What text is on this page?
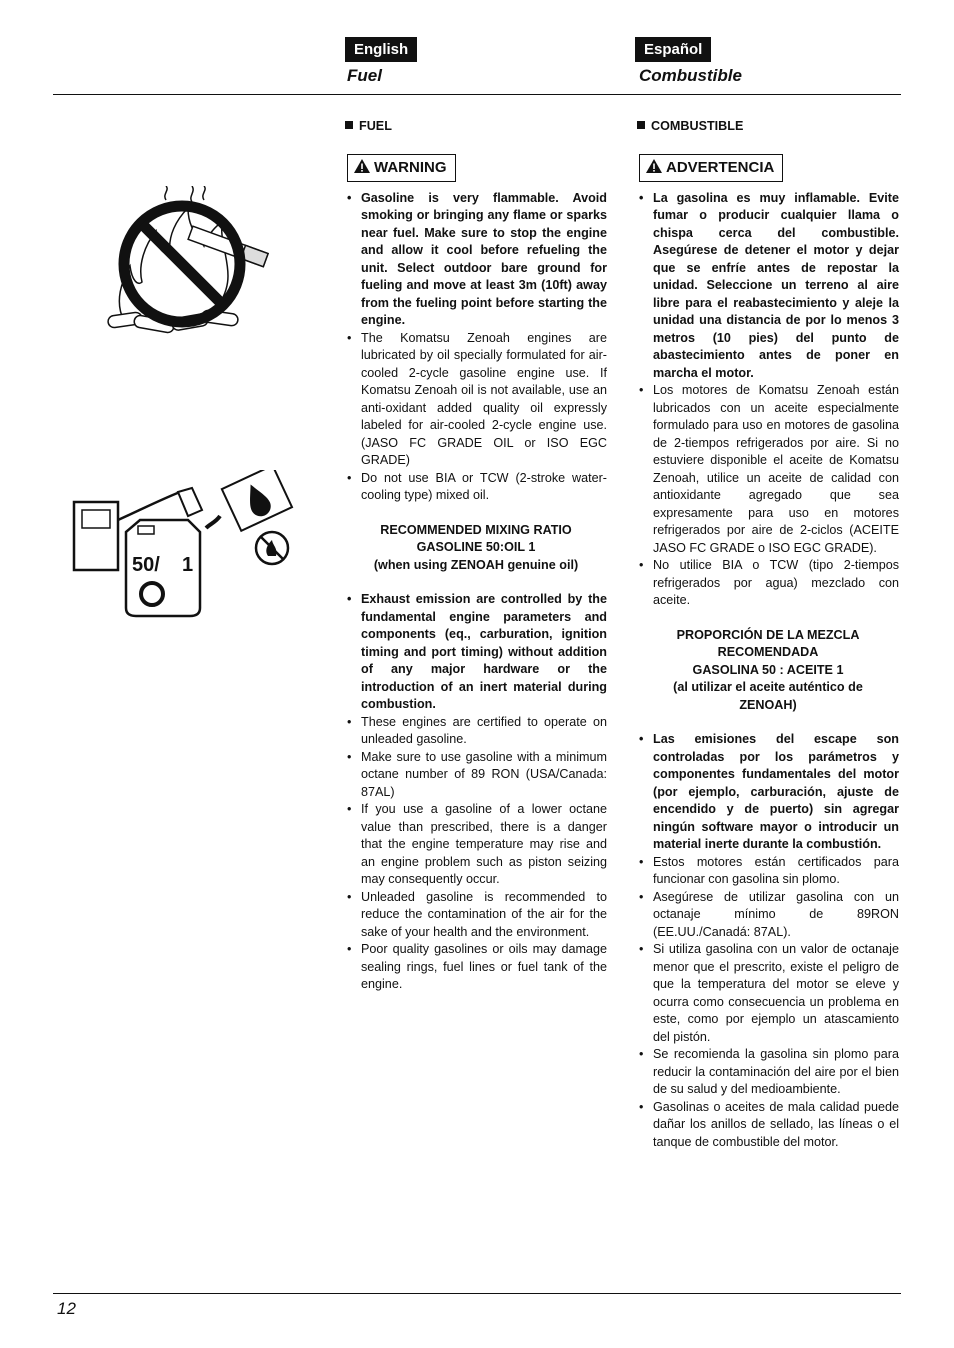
English
Fuel
Español
Combustible
50/ 1
FUEL
WARNING
• Gasoline is very flammable. Avoid smoking or bringing any flame or sparks near fuel. Make sure to stop the engine and allow it cool before refueling the unit. Select outdoor bare ground for fueling and move at least 3m (10ft) away from the fueling point before starting the engine.
• The Komatsu Zenoah engines are lubricated by oil specially formulated for air-cooled 2-cycle gasoline engine use. If Komatsu Zenoah oil is not available, use an anti-oxidant added quality oil expressly labeled for air-cooled 2-cycle engine use. (JASO FC GRADE OIL or ISO EGC GRADE)
• Do not use BIA or TCW (2-stroke water-cooling type) mixed oil.
RECOMMENDED MIXING RATIO
GASOLINE 50:OIL 1
(when using ZENOAH genuine oil)
• Exhaust emission are controlled by the fundamental engine parameters and components (eq., carburation, ignition timing and port timing) without addition of any major hardware or the introduction of an inert material during combustion.
• These engines are certified to operate on unleaded gasoline.
• Make sure to use gasoline with a minimum octane number of 89 RON (USA/Canada: 87AL)
• If you use a gasoline of a lower octane value than prescribed, there is a danger that the engine temperature may rise and an engine problem such as piston seizing may consequently occur.
• Unleaded gasoline is recommended to reduce the contamination of the air for the sake of your health and the environment.
• Poor quality gasolines or oils may damage sealing rings, fuel lines or fuel tank of the engine.
COMBUSTIBLE
ADVERTENCIA
• La gasolina es muy inflamable. Evite fumar o producir cualquier llama o chispa cerca del combustible. Asegúrese de detener el motor y dejar que se enfríe antes de repostar la unidad. Seleccione un terreno al aire libre para el reabastecimiento y aleje la unidad una distancia de por lo menos 3 metros (10 pies) del punto de abastecimiento antes de poner en marcha el motor.
• Los motores de Komatsu Zenoah están lubricados con un aceite especialmente formulado para uso en motores de gasolina de 2-tiempos refrigerados por aire. Si no estuviere disponible el aceite de Komatsu Zenoah, utilice un aceite de calidad con antioxidante agregado que sea expresamente para uso en motores refrigerados por aire de 2-ciclos (ACEITE JASO FC GRADE o ISO EGC GRADE).
• No utilice BIA o TCW (tipo 2-tiempos refrigerados por agua) mezclado con aceite.
PROPORCIÓN DE LA MEZCLA
RECOMENDADA
GASOLINA 50 : ACEITE 1
(al utilizar el aceite auténtico de
ZENOAH)
• Las emisiones del escape son controladas por los parámetros y componentes fundamentales del motor (por ejemplo, carburación, ajuste de encendido y de puerto) sin agregar ningún software mayor o introducir un material inerte durante la combustión.
• Estos motores están certificados para funcionar con gasolina sin plomo.
• Asegúrese de utilizar gasolina con un octanaje mínimo de 89RON (EE.UU./Canadá: 87AL).
• Si utiliza gasolina con un valor de octanaje menor que el prescrito, existe el peligro de que la temperatura del motor se eleve y ocurra como consecuencia un problema en este, como por ejemplo un atascamiento del pistón.
• Se recomienda la gasolina sin plomo para reducir la contaminación del aire por el bien de su salud y del medioambiente.
• Gasolinas o aceites de mala calidad puede dañar los anillos de sellado, las líneas o el tanque de combustible del motor.
12
